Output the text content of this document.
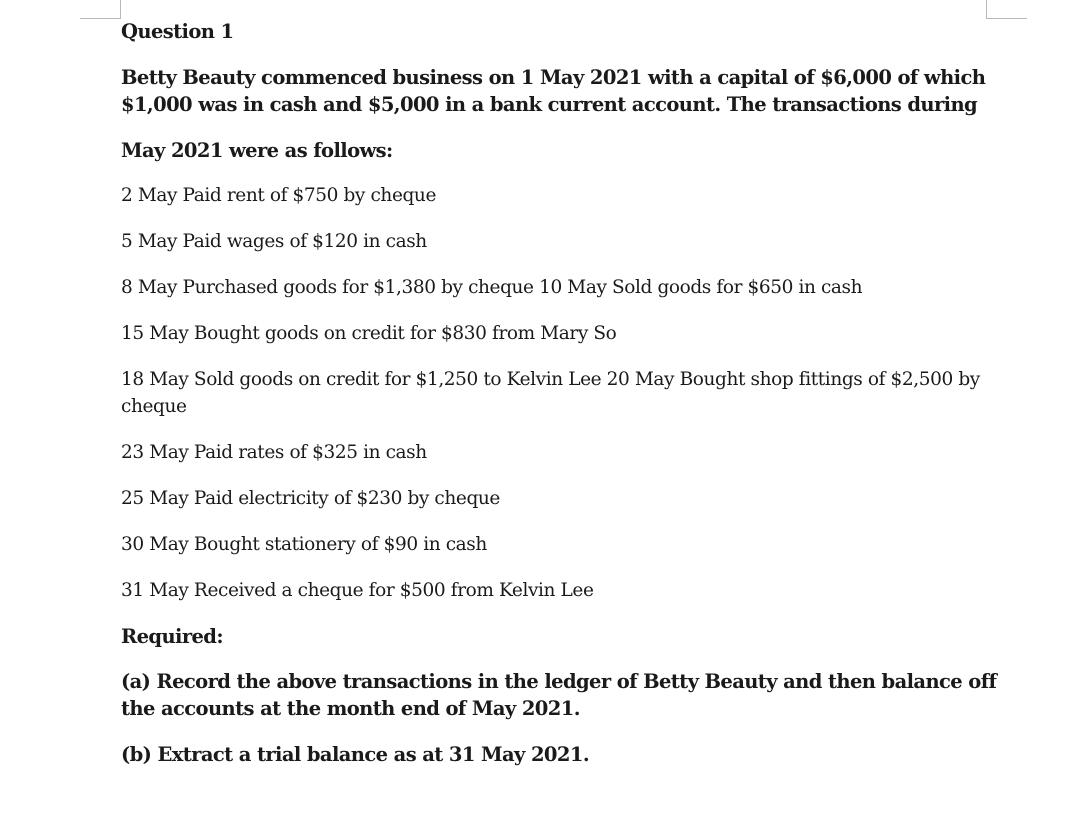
Question 1

Betty Beauty commenced business on 1 May 2021 with a capital of $6,000 of which $1,000 was in cash and $5,000 in a bank current account. The transactions during

May 2021 were as follows:

2 May Paid rent of $750 by cheque

5 May Paid wages of $120 in cash

8 May Purchased goods for $1,380 by cheque 10 May Sold goods for $650 in cash

15 May Bought goods on credit for $830 from Mary So

18 May Sold goods on credit for $1,250 to Kelvin Lee 20 May Bought shop fittings of $2,500 by cheque

23 May Paid rates of $325 in cash

25 May Paid electricity of $230 by cheque

30 May Bought stationery of $90 in cash

31 May Received a cheque for $500 from Kelvin Lee

Required:

(a) Record the above transactions in the ledger of Betty Beauty and then balance off the accounts at the month end of May 2021.

(b) Extract a trial balance as at 31 May 2021.
